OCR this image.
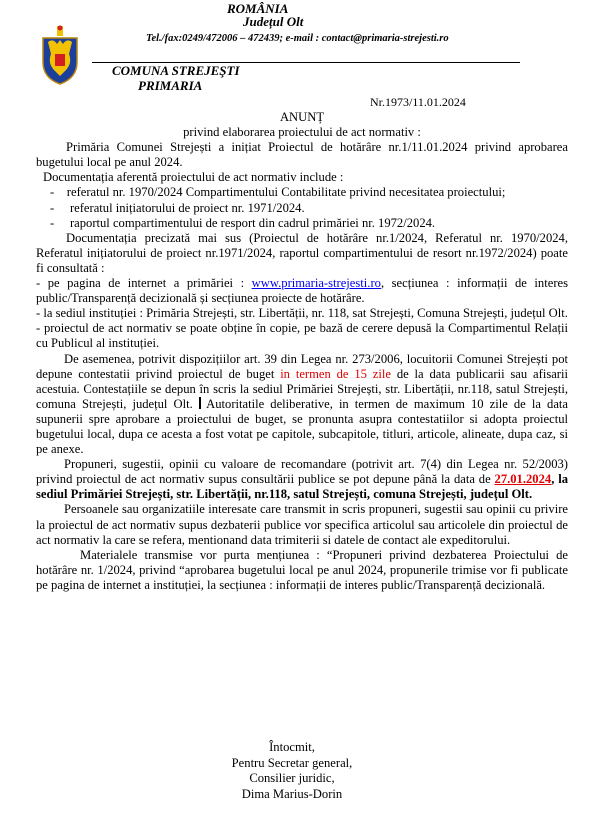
ROMÂNIA
Județul Olt
Tel./fax:0249/472006 – 472439; e-mail : contact@primaria-strejesti.ro
COMUNA STREJEŞTI
PRIMARIA
Nr.1973/11.01.2024

ANUNȚ

privind elaborarea proiectului de act normativ :

Primăria Comunei Strejești a inițiat Proiectul de hotărâre nr.1/11.01.2024 privind aprobarea bugetului local pe anul 2024.

Documentația aferentă proiectului de act normativ include :

-    referatul nr. 1970/2024 Compartimentului Contabilitate privind necesitatea proiectului;

-     referatul inițiatorului de proiect nr. 1971/2024.

-     raportul compartimentului de resport din cadrul primăriei nr. 1972/2024.

Documentația precizată mai sus (Proiectul de hotărâre nr.1/2024, Referatul nr. 1970/2024, Referatul inițiatorului de proiect nr.1971/2024, raportul compartimentului de resort nr.1972/2024) poate fi consultată :

- pe pagina de internet a primăriei : www.primaria-strejesti.ro, secțiunea : informații de interes public/Transparență decizională și secțiunea proiecte de hotărâre.

- la sediul instituției : Primăria Strejești, str. Libertății, nr. 118, sat Strejești, Comuna Strejești, județul Olt.

- proiectul de act normativ se poate obține în copie, pe bază de cerere depusă la Compartimentul Relații cu Publicul al instituției.

De asemenea, potrivit dispozițiilor art. 39 din Legea nr. 273/2006, locuitorii Comunei Strejești pot depune contestatii privind proiectul de buget in termen de 15 zile de la data publicarii sau afisarii acestuia. Contestațiile se depun în scris la sediul Primăriei Strejești, str. Libertății, nr.118, satul Strejești, comuna Strejești, județul Olt. Autoritatile deliberative, in termen de maximum 10 zile de la data supunerii spre aprobare a proiectului de buget, se pronunta asupra contestatiilor si adopta proiectul bugetului local, dupa ce acesta a fost votat pe capitole, subcapitole, titluri, articole, alineate, dupa caz, si pe anexe.

Propuneri, sugestii, opinii cu valoare de recomandare (potrivit art. 7(4) din Legea nr. 52/2003) privind proiectul de act normativ supus consultării publice se pot depune până la data de 27.01.2024, la sediul Primăriei Strejești, str. Libertății, nr.118, satul Strejești, comuna Strejești, județul Olt.

Persoanele sau organizatiile interesate care transmit in scris propuneri, sugestii sau opinii cu privire la proiectul de act normativ supus dezbaterii publice vor specifica articolul sau articolele din proiectul de act normativ la care se refera, mentionand data trimiterii si datele de contact ale expeditorului.

Materialele transmise vor purta mențiunea : “Propuneri privind dezbaterea Proiectului de hotărâre nr. 1/2024, privind “aprobarea bugetului local pe anul 2024, propunerile trimise vor fi publicate pe pagina de internet a instituției, la secțiunea : informații de interes public/Transparență decizională.

Întocmit,
Pentru Secretar general,
Consilier juridic,
Dima Marius-Dorin
